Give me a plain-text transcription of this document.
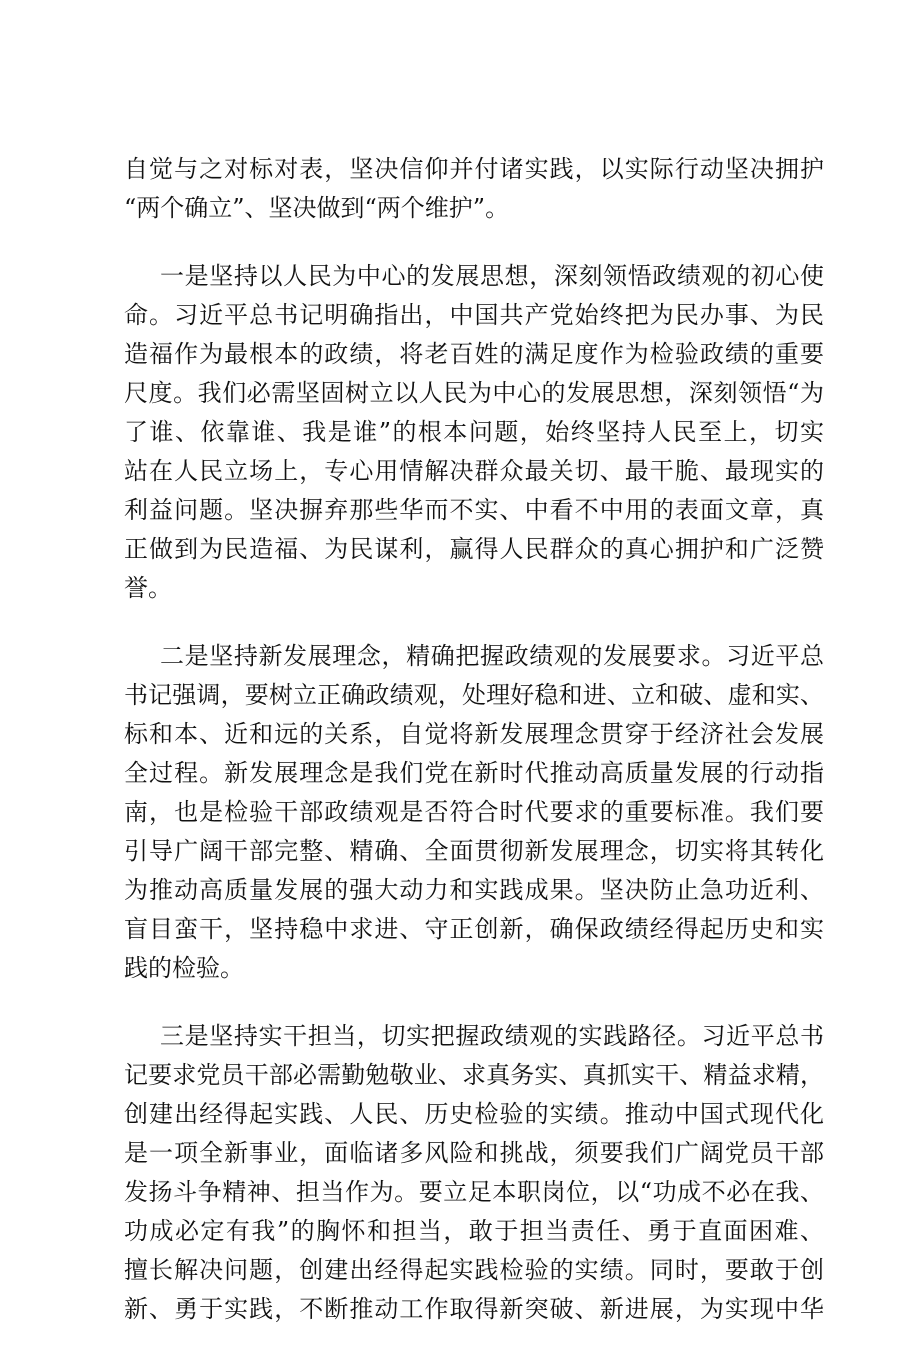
自觉与之对标对表，坚决信仰并付诸实践，以实际行动坚决拥护
“两个确立”、坚决做到“两个维护”。
一是坚持以人民为中心的发展思想，深刻领悟政绩观的初心使
命。习近平总书记明确指出，中国共产党始终把为民办事、为民
造福作为最根本的政绩，将老百姓的满足度作为检验政绩的重要
尺度。我们必需坚固树立以人民为中心的发展思想，深刻领悟“为
了谁、依靠谁、我是谁”的根本问题，始终坚持人民至上，切实
站在人民立场上，专心用情解决群众最关切、最干脆、最现实的
利益问题。坚决摒弃那些华而不实、中看不中用的表面文章，真
正做到为民造福、为民谋利，赢得人民群众的真心拥护和广泛赞
誉。
二是坚持新发展理念，精确把握政绩观的发展要求。习近平总
书记强调，要树立正确政绩观，处理好稳和进、立和破、虚和实、
标和本、近和远的关系，自觉将新发展理念贯穿于经济社会发展
全过程。新发展理念是我们党在新时代推动高质量发展的行动指
南，也是检验干部政绩观是否符合时代要求的重要标准。我们要
引导广阔干部完整、精确、全面贯彻新发展理念，切实将其转化
为推动高质量发展的强大动力和实践成果。坚决防止急功近利、
盲目蛮干，坚持稳中求进、守正创新，确保政绩经得起历史和实
践的检验。
三是坚持实干担当，切实把握政绩观的实践路径。习近平总书
记要求党员干部必需勤勉敬业、求真务实、真抓实干、精益求精，
创建出经得起实践、人民、历史检验的实绩。推动中国式现代化
是一项全新事业，面临诸多风险和挑战，须要我们广阔党员干部
发扬斗争精神、担当作为。要立足本职岗位，以“功成不必在我、
功成必定有我”的胸怀和担当，敢于担当责任、勇于直面困难、
擅长解决问题，创建出经得起实践检验的实绩。同时，要敢于创
新、勇于实践，不断推动工作取得新突破、新进展，为实现中华
